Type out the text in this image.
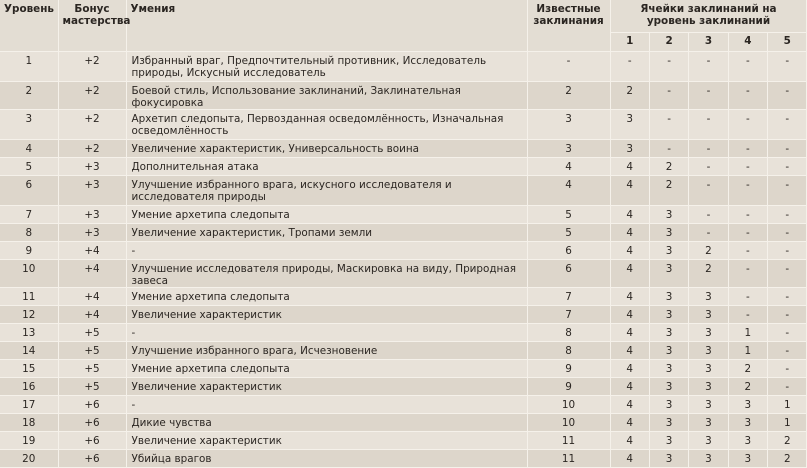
Уровень	Бонус мастерства	Умения	Известные заклинания	Ячейки заклинаний на уровень заклинаний				
				1	2	3	4	5
1	+2	Избранный враг, Предпочтительный противник, Исследователь природы, Искусный исследователь	-	-	-	-	-	-
2	+2	Боевой стиль, Использование заклинаний, Заклинательная фокусировка	2	2	-	-	-	-
3	+2	Архетип следопыта, Первозданная осведомлённость, Изначальная осведомлённость	3	3	-	-	-	-
4	+2	Увеличение характеристик, Универсальность воина	3	3	-	-	-	-
5	+3	Дополнительная атака	4	4	2	-	-	-
6	+3	Улучшение избранного врага, искусного исследователя и исследователя природы	4	4	2	-	-	-
7	+3	Умение архетипа следопыта	5	4	3	-	-	-
8	+3	Увеличение характеристик, Тропами земли	5	4	3	-	-	-
9	+4	-	6	4	3	2	-	-
10	+4	Улучшение исследователя природы, Маскировка на виду, Природная завеса	6	4	3	2	-	-
11	+4	Умение архетипа следопыта	7	4	3	3	-	-
12	+4	Увеличение характеристик	7	4	3	3	-	-
13	+5	-	8	4	3	3	1	-
14	+5	Улучшение избранного врага, Исчезновение	8	4	3	3	1	-
15	+5	Умение архетипа следопыта	9	4	3	3	2	-
16	+5	Увеличение характеристик	9	4	3	3	2	-
17	+6	-	10	4	3	3	3	1
18	+6	Дикие чувства	10	4	3	3	3	1
19	+6	Увеличение характеристик	11	4	3	3	3	2
20	+6	Убийца врагов	11	4	3	3	3	2
